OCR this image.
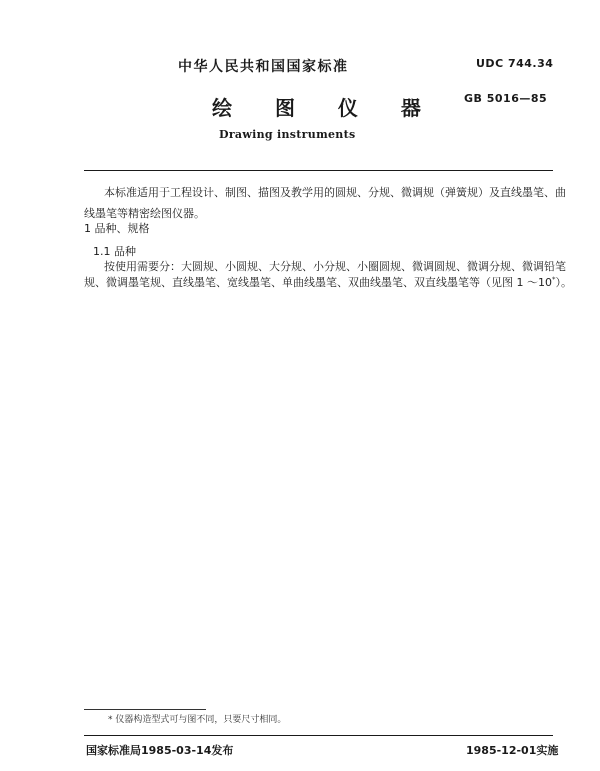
中华人民共和国国家标准	UDC 744.34
绘 图 仪 器 GB 5016—85
Drawing instruments
本标准适用于工程设计、制图、描图及教学用的圆规、分规、微调规（弹簧规）及直线墨笔、曲
线墨笔等精密绘图仪器。
1 品种、规格
1.1 品种
按使用需要分：大圆规、小圆规、大分规、小分规、小圈圆规、微调圆规、微调分规、微调铅笔
规、微调墨笔规、直线墨笔、宽线墨笔、单曲线墨笔、双曲线墨笔、双直线墨笔等（见图 1 ～10*）。
* 仪器构造型式可与图不同，只要尺寸相同。
国家标准局1985-03-14发布	1985-12-01实施
